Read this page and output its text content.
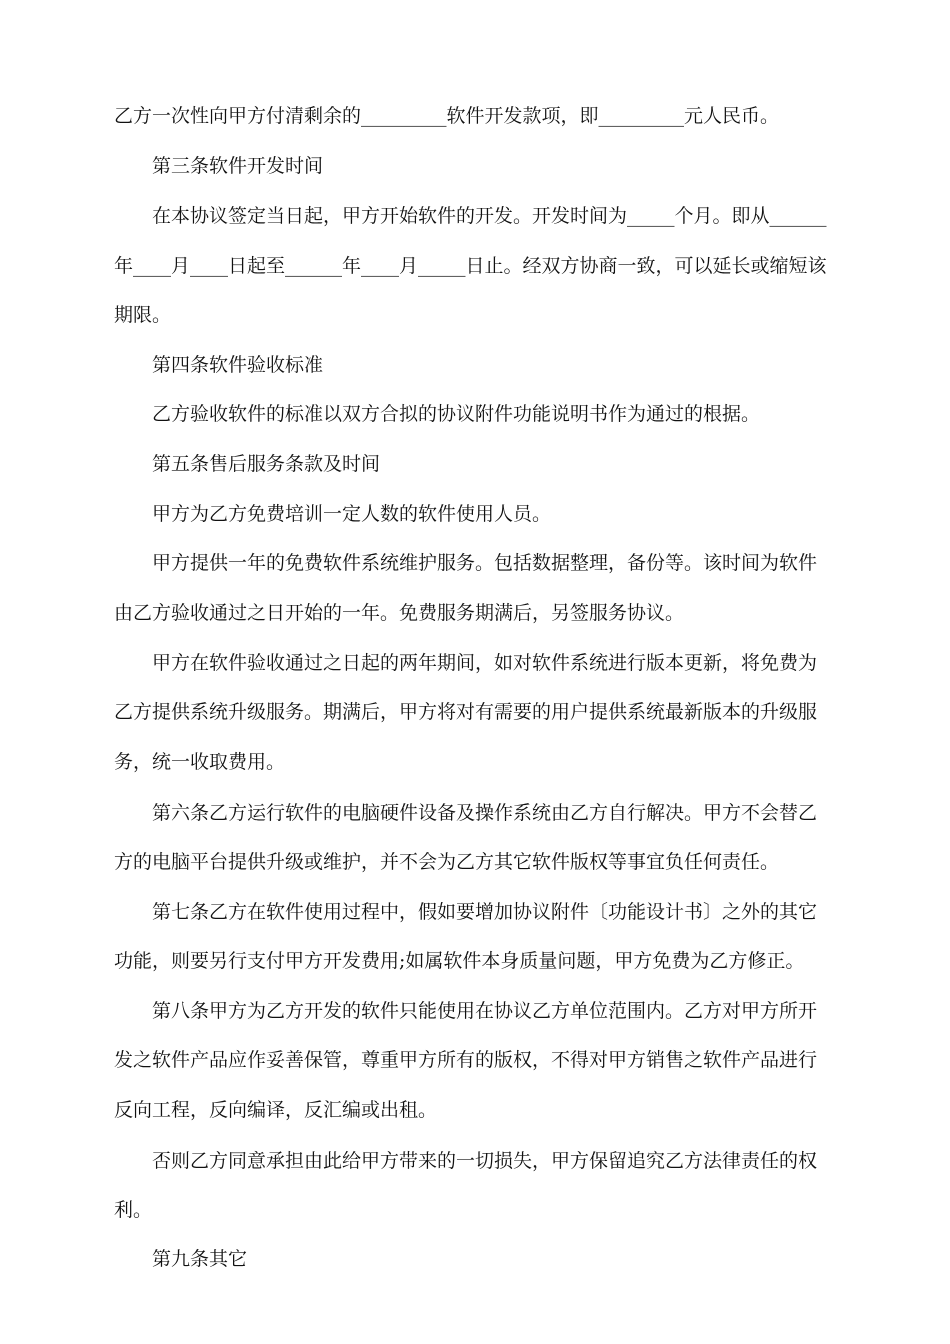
乙方一次性向甲方付清剩余的_________软件开发款项，即_________元人民币。
第三条软件开发时间
在本协议签定当日起，甲方开始软件的开发。开发时间为_____个月。即从______
年____月____日起至______年____月_____日止。经双方协商一致，可以延长或缩短该
期限。
第四条软件验收标准
乙方验收软件的标准以双方合拟的协议附件功能说明书作为通过的根据。
第五条售后服务条款及时间
甲方为乙方免费培训一定人数的软件使用人员。
甲方提供一年的免费软件系统维护服务。包括数据整理，备份等。该时间为软件
由乙方验收通过之日开始的一年。免费服务期满后，另签服务协议。
甲方在软件验收通过之日起的两年期间，如对软件系统进行版本更新，将免费为
乙方提供系统升级服务。期满后，甲方将对有需要的用户提供系统最新版本的升级服
务，统一收取费用。
第六条乙方运行软件的电脑硬件设备及操作系统由乙方自行解决。甲方不会替乙
方的电脑平台提供升级或维护，并不会为乙方其它软件版权等事宜负任何责任。
第七条乙方在软件使用过程中，假如要增加协议附件〔功能设计书〕之外的其它
功能，则要另行支付甲方开发费用;如属软件本身质量问题，甲方免费为乙方修正。
第八条甲方为乙方开发的软件只能使用在协议乙方单位范围内。乙方对甲方所开
发之软件产品应作妥善保管，尊重甲方所有的版权，不得对甲方销售之软件产品进行
反向工程，反向编译，反汇编或出租。
否则乙方同意承担由此给甲方带来的一切损失，甲方保留追究乙方法律责任的权
利。
第九条其它
